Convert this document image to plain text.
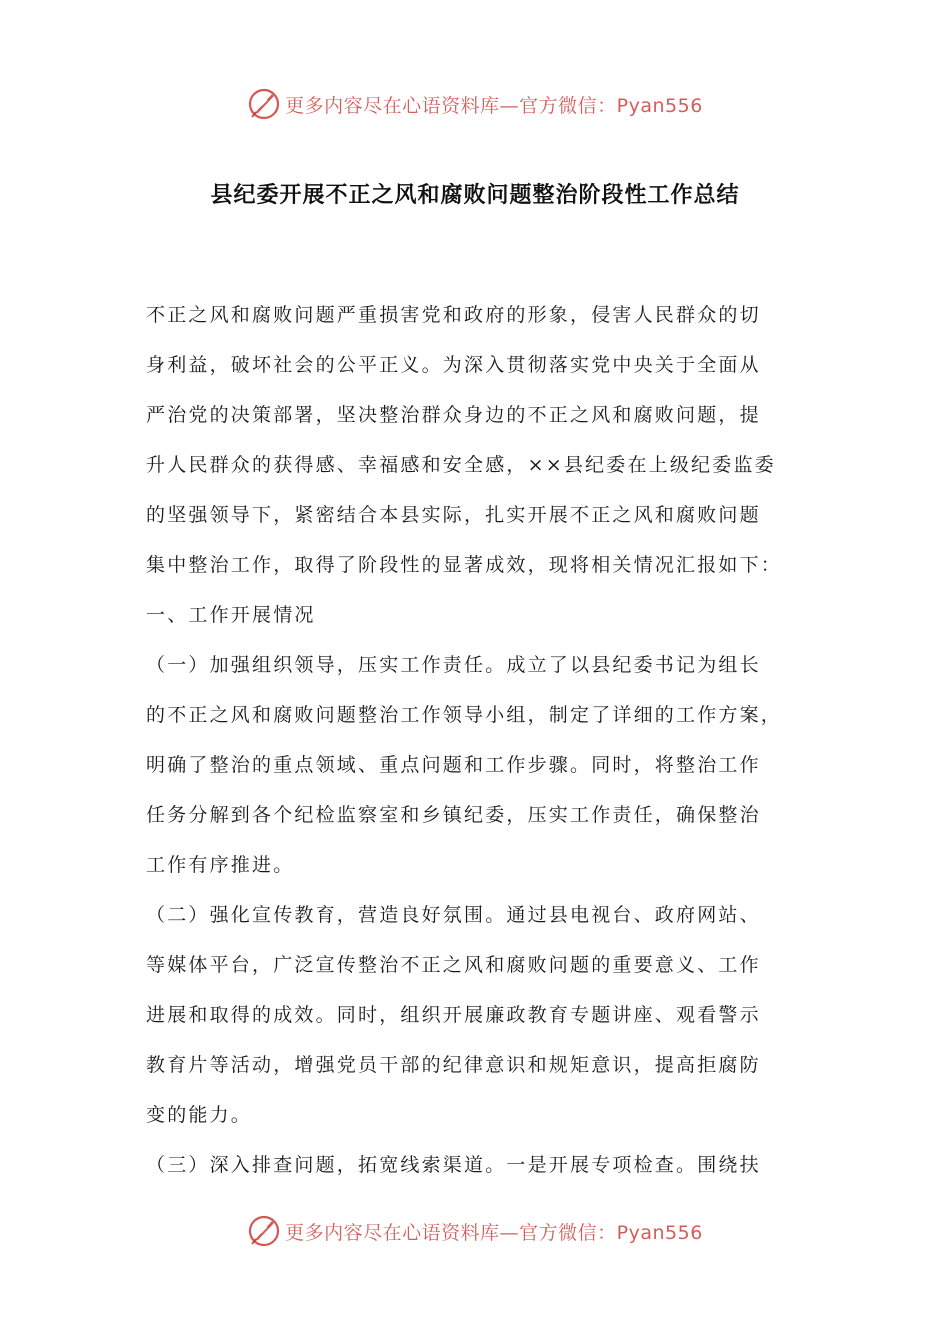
更多内容尽在心语资料库—官方微信：Pyan556
县纪委开展不正之风和腐败问题整治阶段性工作总结
不正之风和腐败问题严重损害党和政府的形象，侵害人民群众的切
身利益，破坏社会的公平正义。为深入贯彻落实党中央关于全面从
严治党的决策部署，坚决整治群众身边的不正之风和腐败问题，提
升人民群众的获得感、幸福感和安全感，××县纪委在上级纪委监委
的坚强领导下，紧密结合本县实际，扎实开展不正之风和腐败问题
集中整治工作，取得了阶段性的显著成效，现将相关情况汇报如下：
一、工作开展情况
（一）加强组织领导，压实工作责任。成立了以县纪委书记为组长
的不正之风和腐败问题整治工作领导小组，制定了详细的工作方案，
明确了整治的重点领域、重点问题和工作步骤。同时，将整治工作
任务分解到各个纪检监察室和乡镇纪委，压实工作责任，确保整治
工作有序推进。
（二）强化宣传教育，营造良好氛围。通过县电视台、政府网站、
等媒体平台，广泛宣传整治不正之风和腐败问题的重要意义、工作
进展和取得的成效。同时，组织开展廉政教育专题讲座、观看警示
教育片等活动，增强党员干部的纪律意识和规矩意识，提高拒腐防
变的能力。
（三）深入排查问题，拓宽线索渠道。一是开展专项检查。围绕扶
更多内容尽在心语资料库—官方微信：Pyan556
